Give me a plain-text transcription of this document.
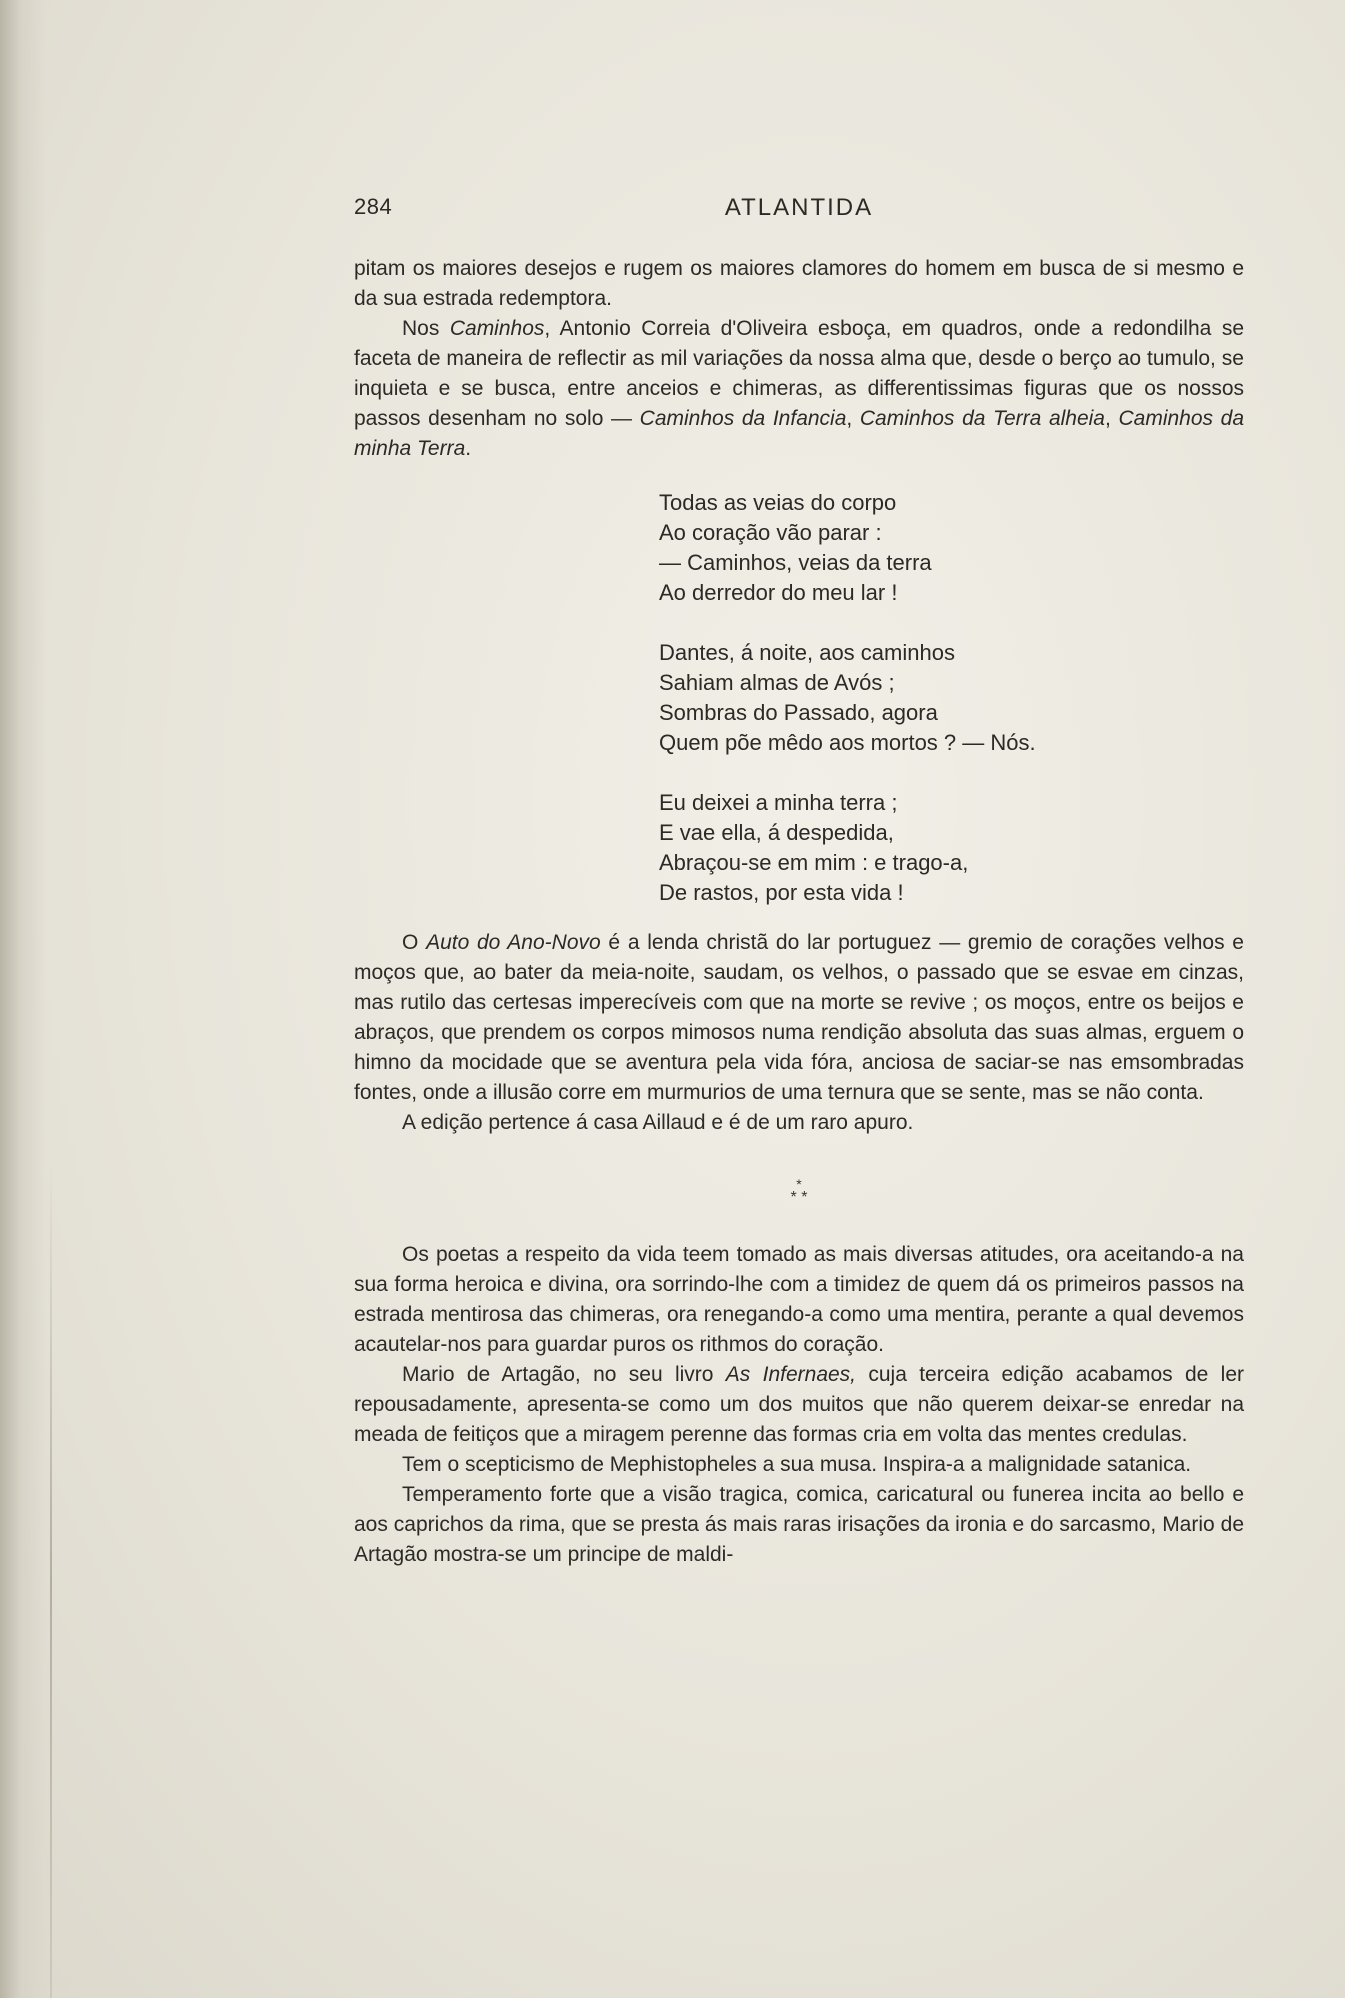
284	ATLANTIDA

pitam os maiores desejos e rugem os maiores clamores do homem em busca de si mesmo e da sua estrada redemptora.

Nos Caminhos, Antonio Correia d'Oliveira esboça, em quadros, onde a redondilha se faceta de maneira de reflectir as mil variações da nossa alma que, desde o berço ao tumulo, se inquieta e se busca, entre anceios e chimeras, as differentissimas figuras que os nossos passos desenham no solo — Caminhos da Infancia, Caminhos da Terra alheia, Caminhos da minha Terra.

Todas as veias do corpo
Ao coração vão parar :
— Caminhos, veias da terra
Ao derredor do meu lar !
Dantes, á noite, aos caminhos
Sahiam almas de Avós ;
Sombras do Passado, agora
Quem põe mêdo aos mortos ? — Nós.
Eu deixei a minha terra ;
E vae ella, á despedida,
Abraçou-se em mim : e trago-a,
De rastos, por esta vida !

O Auto do Ano-Novo é a lenda christã do lar portuguez — gremio de corações velhos e moços que, ao bater da meia-noite, saudam, os velhos, o passado que se esvae em cinzas, mas rutilo das certesas imperecíveis com que na morte se revive ; os moços, entre os beijos e abraços, que prendem os corpos mimosos numa rendição absoluta das suas almas, erguem o himno da mocidade que se aventura pela vida fóra, anciosa de saciar-se nas emsombradas fontes, onde a illusão corre em murmurios de uma ternura que se sente, mas se não conta.

A edição pertence á casa Aillaud e é de um raro apuro.

*
* *

Os poetas a respeito da vida teem tomado as mais diversas atitudes, ora aceitando-a na sua forma heroica e divina, ora sorrindo-lhe com a timidez de quem dá os primeiros passos na estrada mentirosa das chimeras, ora renegando-a como uma mentira, perante a qual devemos acautelar-nos para guardar puros os rithmos do coração.

Mario de Artagão, no seu livro As Infernaes, cuja terceira edição acabamos de ler repousadamente, apresenta-se como um dos muitos que não querem deixar-se enredar na meada de feitiços que a miragem perenne das formas cria em volta das mentes credulas.

Tem o scepticismo de Mephistopheles a sua musa. Inspira-a a malignidade satanica.

Temperamento forte que a visão tragica, comica, caricatural ou funerea incita ao bello e aos caprichos da rima, que se presta ás mais raras irisações da ironia e do sarcasmo, Mario de Artagão mostra-se um principe de maldi-
